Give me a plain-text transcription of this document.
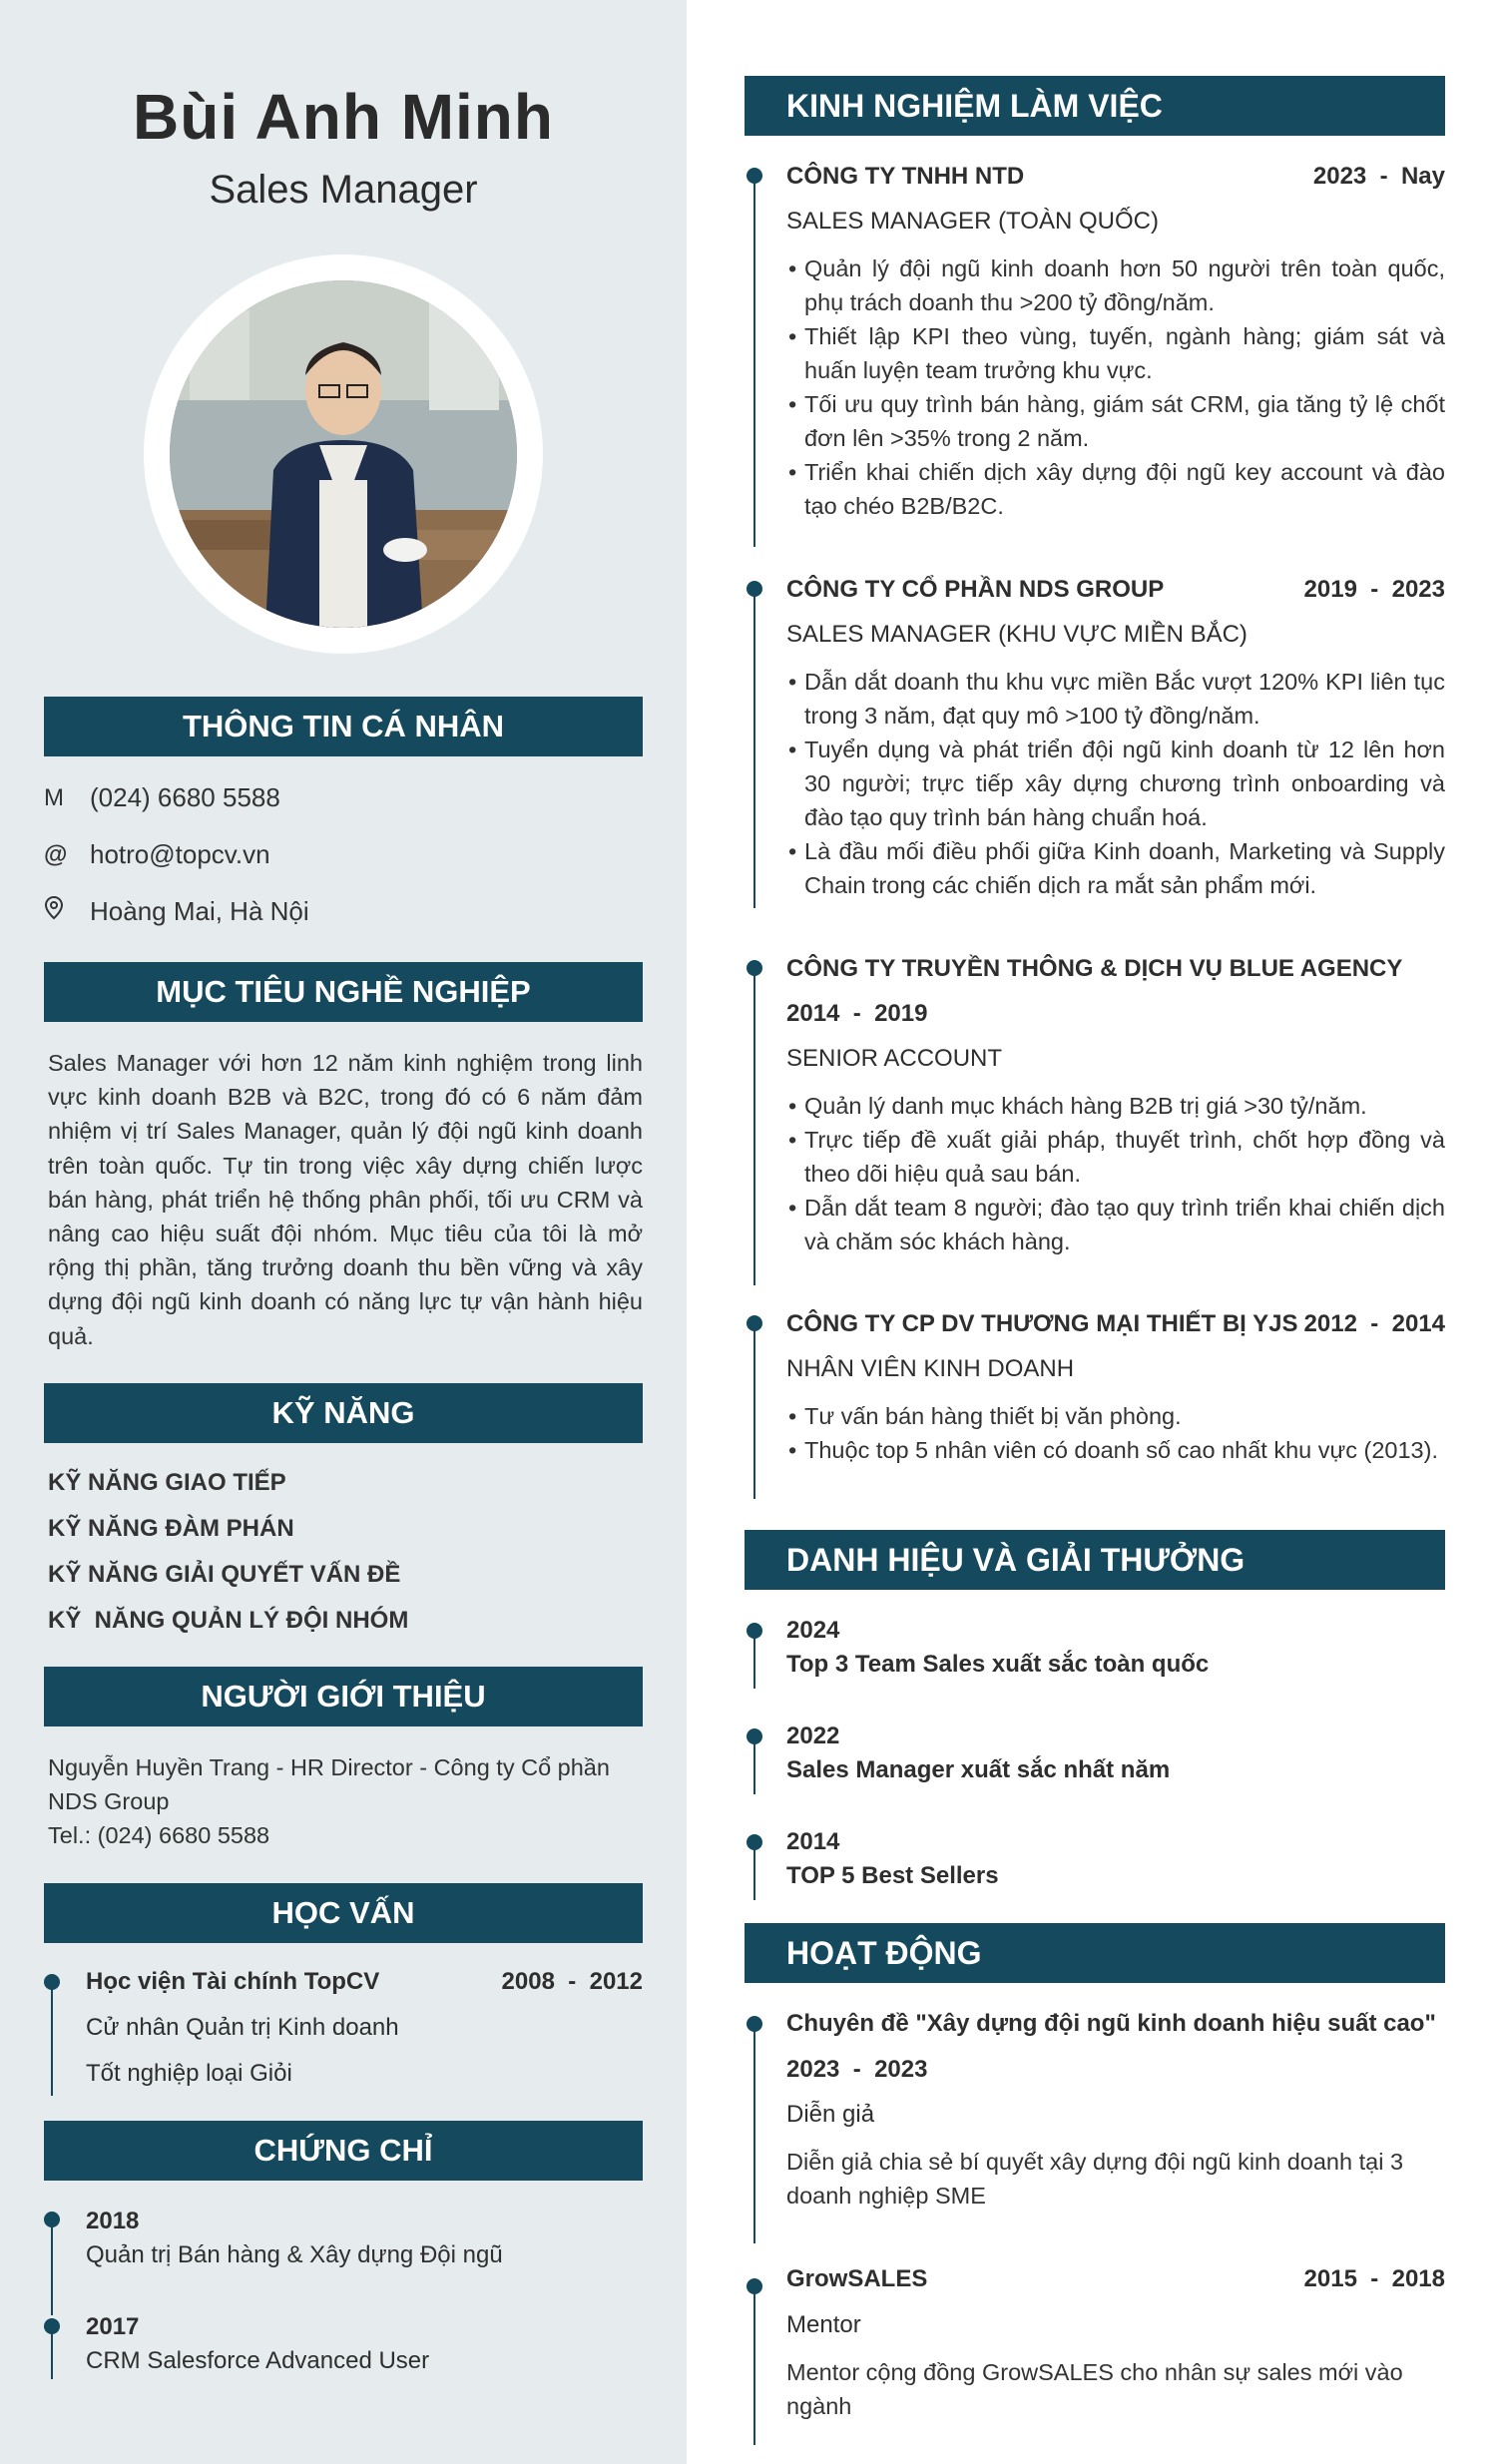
Bùi Anh Minh
Sales Manager
THÔNG TIN CÁ NHÂN
M	(024) 6680 5588
@ hotro@topcv.vn
Hoàng Mai, Hà Nội
MỤC TIÊU NGHỀ NGHIỆP
Sales Manager với hơn 12 năm kinh nghiệm trong linh vực kinh doanh B2B và B2C, trong đó có 6 năm đảm nhiệm vị trí Sales Manager, quản lý đội ngũ kinh doanh trên toàn quốc. Tự tin trong việc xây dựng chiến lược bán hàng, phát triển hệ thống phân phối, tối ưu CRM và nâng cao hiệu suất đội nhóm. Mục tiêu của tôi là mở rộng thị phần, tăng trưởng doanh thu bền vững và xây dựng đội ngũ kinh doanh có năng lực tự vận hành hiệu quả.
KỸ NĂNG
KỸ NĂNG GIAO TIẾP
KỸ NĂNG ĐÀM PHÁN
KỸ NĂNG GIẢI QUYẾT VẤN ĐỀ
KỸ  NĂNG QUẢN LÝ ĐỘI NHÓM
NGƯỜI GIỚI THIỆU
Nguyễn Huyền Trang - HR Director - Công ty Cổ phần NDS Group
Tel.: (024) 6680 5588
HỌC VẤN
Học viện Tài chính TopCV	2008 - 2012
Cử nhân Quản trị Kinh doanh
Tốt nghiệp loại Giỏi
CHỨNG CHỈ
2018
Quản trị Bán hàng & Xây dựng Đội ngũ
2017
CRM Salesforce Advanced User
KINH NGHIỆM LÀM VIỆC
CÔNG TY TNHH NTD	2023 - Nay
SALES MANAGER (TOÀN QUỐC)
• Quản lý đội ngũ kinh doanh hơn 50 người trên toàn quốc, phụ trách doanh thu >200 tỷ đồng/năm.
• Thiết lập KPI theo vùng, tuyến, ngành hàng; giám sát và huấn luyện team trưởng khu vực.
• Tối ưu quy trình bán hàng, giám sát CRM, gia tăng tỷ lệ chốt đơn lên >35% trong 2 năm.
• Triển khai chiến dịch xây dựng đội ngũ key account và đào tạo chéo B2B/B2C.
CÔNG TY CỔ PHẦN NDS GROUP	2019 - 2023
SALES MANAGER (KHU VỰC MIỀN BẮC)
• Dẫn dắt doanh thu khu vực miền Bắc vượt 120% KPI liên tục trong 3 năm, đạt quy mô >100 tỷ đồng/năm.
• Tuyển dụng và phát triển đội ngũ kinh doanh từ 12 lên hơn 30 người; trực tiếp xây dựng chương trình onboarding và đào tạo quy trình bán hàng chuẩn hoá.
• Là đầu mối điều phối giữa Kinh doanh, Marketing và Supply Chain trong các chiến dịch ra mắt sản phẩm mới.
CÔNG TY TRUYỀN THÔNG & DỊCH VỤ BLUE AGENCY
2014 - 2019
SENIOR ACCOUNT
• Quản lý danh mục khách hàng B2B trị giá >30 tỷ/năm.
• Trực tiếp đề xuất giải pháp, thuyết trình, chốt hợp đồng và theo dõi hiệu quả sau bán.
• Dẫn dắt team 8 người; đào tạo quy trình triển khai chiến dịch và chăm sóc khách hàng.
CÔNG TY CP DV THƯƠNG MẠI THIẾT BỊ YJS 2012 - 2014
NHÂN VIÊN KINH DOANH
• Tư vấn bán hàng thiết bị văn phòng.
• Thuộc top 5 nhân viên có doanh số cao nhất khu vực (2013).
DANH HIỆU VÀ GIẢI THƯỞNG
2024
Top 3 Team Sales xuất sắc toàn quốc
2022
Sales Manager xuất sắc nhất năm
2014
TOP 5 Best Sellers
HOẠT ĐỘNG
Chuyên đề "Xây dựng đội ngũ kinh doanh hiệu suất cao"
2023 - 2023
Diễn giả
Diễn giả chia sẻ bí quyết xây dựng đội ngũ kinh doanh tại 3 doanh nghiệp SME
GrowSALES	2015 - 2018
Mentor
Mentor cộng đồng GrowSALES cho nhân sự sales mới vào ngành
